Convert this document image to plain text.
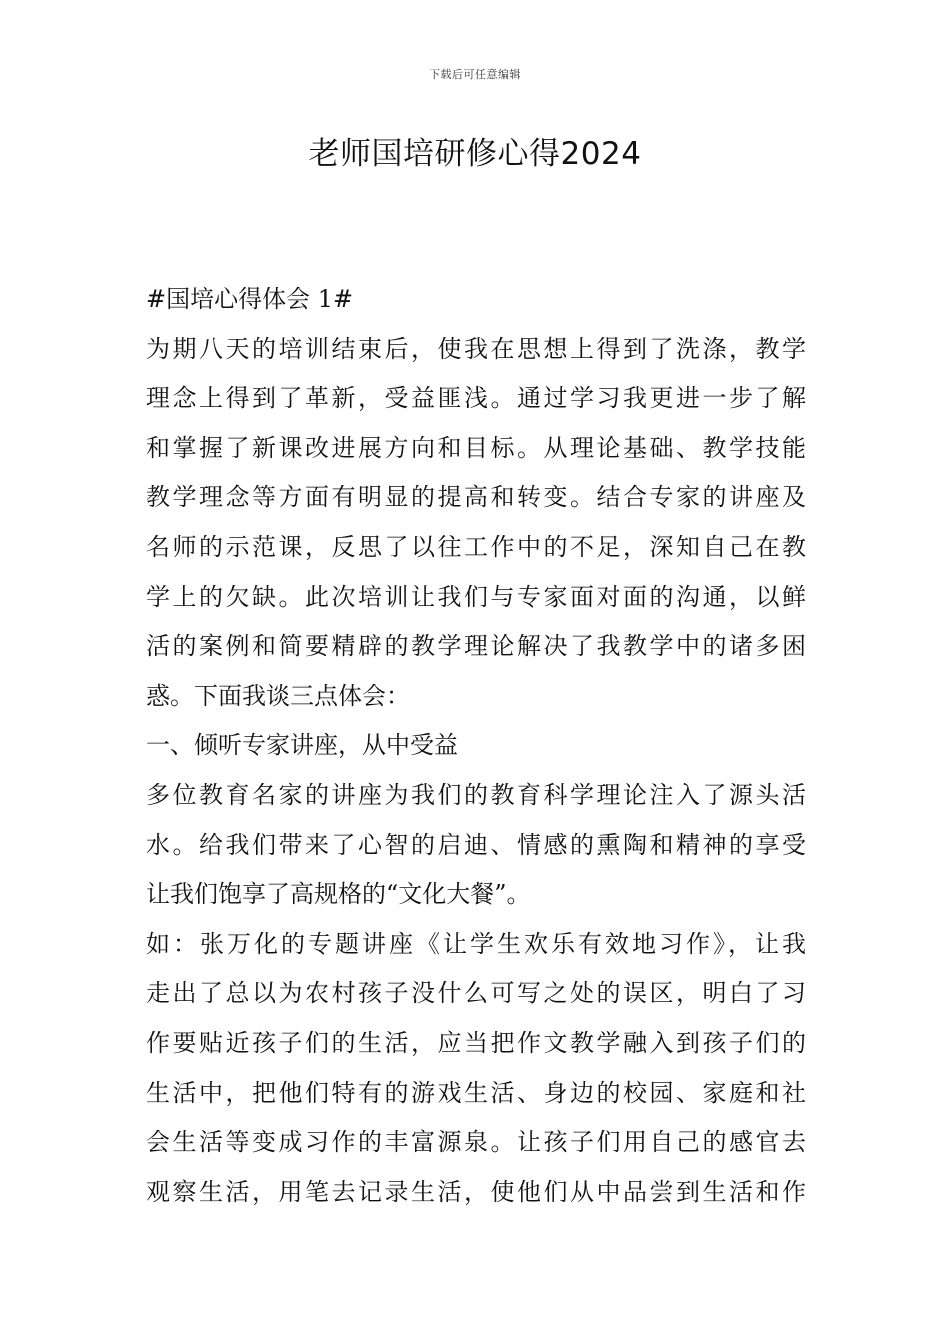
下载后可任意编辑
老师国培研修心得2024
#国培心得体会 1#
为期八天的培训结束后，使我在思想上得到了洗涤，教学
理念上得到了革新，受益匪浅。通过学习我更进一步了解
和掌握了新课改进展方向和目标。从理论基础、教学技能
教学理念等方面有明显的提高和转变。结合专家的讲座及
名师的示范课，反思了以往工作中的不足，深知自己在教
学上的欠缺。此次培训让我们与专家面对面的沟通，以鲜
活的案例和简要精辟的教学理论解决了我教学中的诸多困
惑。下面我谈三点体会：
一、倾听专家讲座，从中受益
多位教育名家的讲座为我们的教育科学理论注入了源头活
水。给我们带来了心智的启迪、情感的熏陶和精神的享受
让我们饱享了高规格的“文化大餐”。
如：张万化的专题讲座《让学生欢乐有效地习作》，让我
走出了总以为农村孩子没什么可写之处的误区，明白了习
作要贴近孩子们的生活，应当把作文教学融入到孩子们的
生活中，把他们特有的游戏生活、身边的校园、家庭和社
会生活等变成习作的丰富源泉。让孩子们用自己的感官去
观察生活，用笔去记录生活，使他们从中品尝到生活和作
